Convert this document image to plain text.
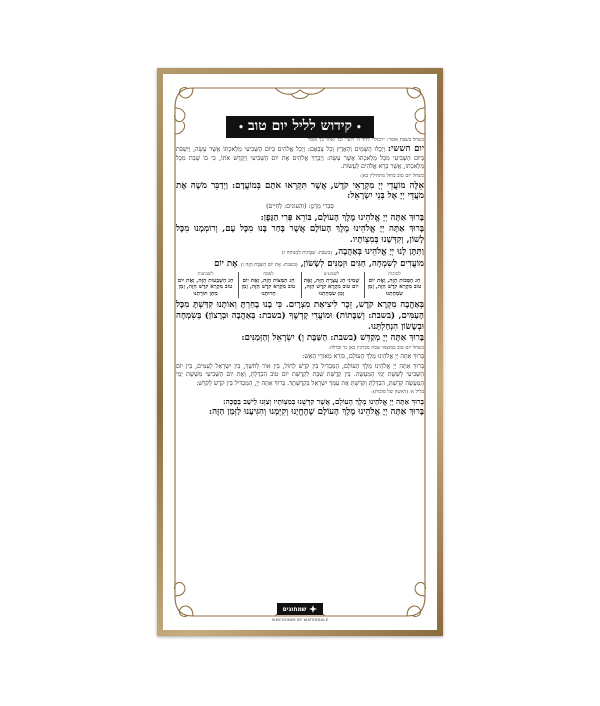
• קידוש לליל יום טוב •

כשחל בשבת אומר: ״ויכולו״ לדוד ה׳ רועי״ וכו׳ ואחר כך אומר

יום הששי: וַיְכֻלּוּ הַשָּׁמַיִם וְהָאָרֶץ וְכָל צְבָאָם: וַיְכַל אֱלֹהִים בַּיּוֹם הַשְּׁבִיעִי מְלַאכְתּוֹ אֲשֶׁר עָשָׂה, וַיִּשְׁבֹּת בַּיּוֹם הַשְּׁבִיעִי מִכָּל מְלַאכְתּוֹ אֲשֶׁר עָשָׂה: וַיְבָרֶךְ אֱלֹהִים אֶת יוֹם הַשְּׁבִיעִי וַיְקַדֵּשׁ אֹתוֹ, כִּי בוֹ שָׁבַת מִכָּל מְלַאכְתּוֹ, אֲשֶׁר בָּרָא אֱלֹהִים לַעֲשׂוֹת.

כשחל יום טוב בחול מתחילין כאן:

אֵלֶּה מוֹעֲדֵי יְיָ מִקְרָאֵי קֹדֶשׁ, אֲשֶׁר תִּקְרְאוּ אֹתָם בְּמוֹעֲדָם: וַיְדַבֵּר מֹשֶׁה אֶת מֹעֲדֵי יְיָ אֶל בְּנֵי יִשְׂרָאֵל:

סַבְרִי מָרָנָן: (והעונים: לְחַיִּים)

בָּרוּךְ אַתָּה יְיָ אֱלֹהֵינוּ מֶלֶךְ הָעוֹלָם, בּוֹרֵא פְּרִי הַגָּפֶן:

בָּרוּךְ אַתָּה יְיָ אֱלֹהֵינוּ מֶלֶךְ הָעוֹלָם אֲשֶׁר בָּחַר בָּנוּ מִכָּל עָם, וְרוֹמְמָנוּ מִכָּל לָשׁוֹן, וְקִדְּשָׁנוּ בְּמִצְוֹתָיו.

וַתִּתֶּן לָנוּ יְיָ אֱלֹהֵינוּ בְּאַהֲבָה, (בשבת: שַׁבָּתוֹת לִמְנוּחָה וּ)

מוֹעֲדִים לְשִׂמְחָה, חַגִּים וּזְמַנִּים לְשָׂשׂוֹן, (בשבת: אֶת יוֹם הַשַּׁבָּת הַזֶּה וְ) אֶת יוֹם

לסוכות
חַג הַסֻּכּוֹת הַזֶּה, וְאֶת יוֹם טוֹב מִקְרָא קֹדֶשׁ הַזֶּה, זְמַן שִׂמְחָתֵנוּ
לשמע״צ
שְׁמִינִי חַג עֲצֶרֶת הַזֶּה, וְאֶת יוֹם טוֹב מִקְרָא קֹדֶשׁ הַזֶּה, זְמַן שִׂמְחָתֵנוּ
לפסח
חַג הַמַּצּוֹת הַזֶּה, וְאֶת יוֹם טוֹב מִקְרָא קֹדֶשׁ הַזֶּה, זְמַן חֵרוּתֵנוּ
לשבועות
חַג הַשָּׁבֻעוֹת הַזֶּה, וְאֶת יוֹם טוֹב מִקְרָא קֹדֶשׁ הַזֶּה, זְמַן מַתַּן תּוֹרָתֵנוּ

בְּאַהֲבָה מִקְרָא קֹדֶשׁ, זֵכֶר לִיצִיאַת מִצְרָיִם. כִּי בָנוּ בָחַרְתָּ וְאוֹתָנוּ קִדַּשְׁתָּ מִכָּל הָעַמִּים, (בשבת: וְשַׁבָּתוֹת) וּמוֹעֲדֵי קָדְשֶׁךָ (בשבת: בְּאַהֲבָה וּבְרָצוֹן) בְּשִׂמְחָה וּבְשָׂשׂוֹן הִנְחַלְתָּנוּ.

בָּרוּךְ אַתָּה יְיָ מְקַדֵּשׁ (בשבת: הַשַּׁבָּת וְ) יִשְׂרָאֵל וְהַזְּמַנִּים:

כשחל יום טוב במוצאי שבת מברכין כאן נר ובדלה:

בָּרוּךְ אַתָּה יְיָ אֱלֹהֵינוּ מֶלֶךְ הָעוֹלָם, בּוֹרֵא מְאוֹרֵי הָאֵשׁ:

בָּרוּךְ אַתָּה יְיָ אֱלֹהֵינוּ מֶלֶךְ הָעוֹלָם, הַמַּבְדִּיל בֵּין קֹדֶשׁ לְחוֹל, בֵּין אוֹר לְחֹשֶׁךְ, בֵּין יִשְׂרָאֵל לָעַמִּים, בֵּין יוֹם הַשְּׁבִיעִי לְשֵׁשֶׁת יְמֵי הַמַּעֲשֶׂה. בֵּין קְדֻשַּׁת שַׁבָּת לִקְדֻשַּׁת יוֹם טוֹב הִבְדַּלְתָּ, וְאֶת יוֹם הַשְּׁבִיעִי מִשֵּׁשֶׁת יְמֵי הַמַּעֲשֶׂה קִדַּשְׁתָּ, הִבְדַּלְתָּ וְקִדַּשְׁתָּ אֶת עַמְּךָ יִשְׂרָאֵל בִּקְדֻשָּׁתֶךָ. בָּרוּךְ אַתָּה יְיָ, הַמַּבְדִּיל בֵּין קֹדֶשׁ לְקֹדֶשׁ:

בליל א׳ (ראשון של סוכות):

בָּרוּךְ אַתָּה יְיָ אֱלֹהֵינוּ מֶלֶךְ הָעוֹלָם, אֲשֶׁר קִדְּשָׁנוּ בְּמִצְוֹתָיו וְצִוָּנוּ לֵישֵׁב בַּסֻּכָּה:

בָּרוּךְ אַתָּה יְיָ אֱלֹהֵינוּ מֶלֶךְ הָעוֹלָם שֶׁהֶחֱיָנוּ וְקִיְּמָנוּ וְהִגִּיעָנוּ לַזְּמַן הַזֶּה:

שמחונים
SIMCHONIM BY WATERDALE
